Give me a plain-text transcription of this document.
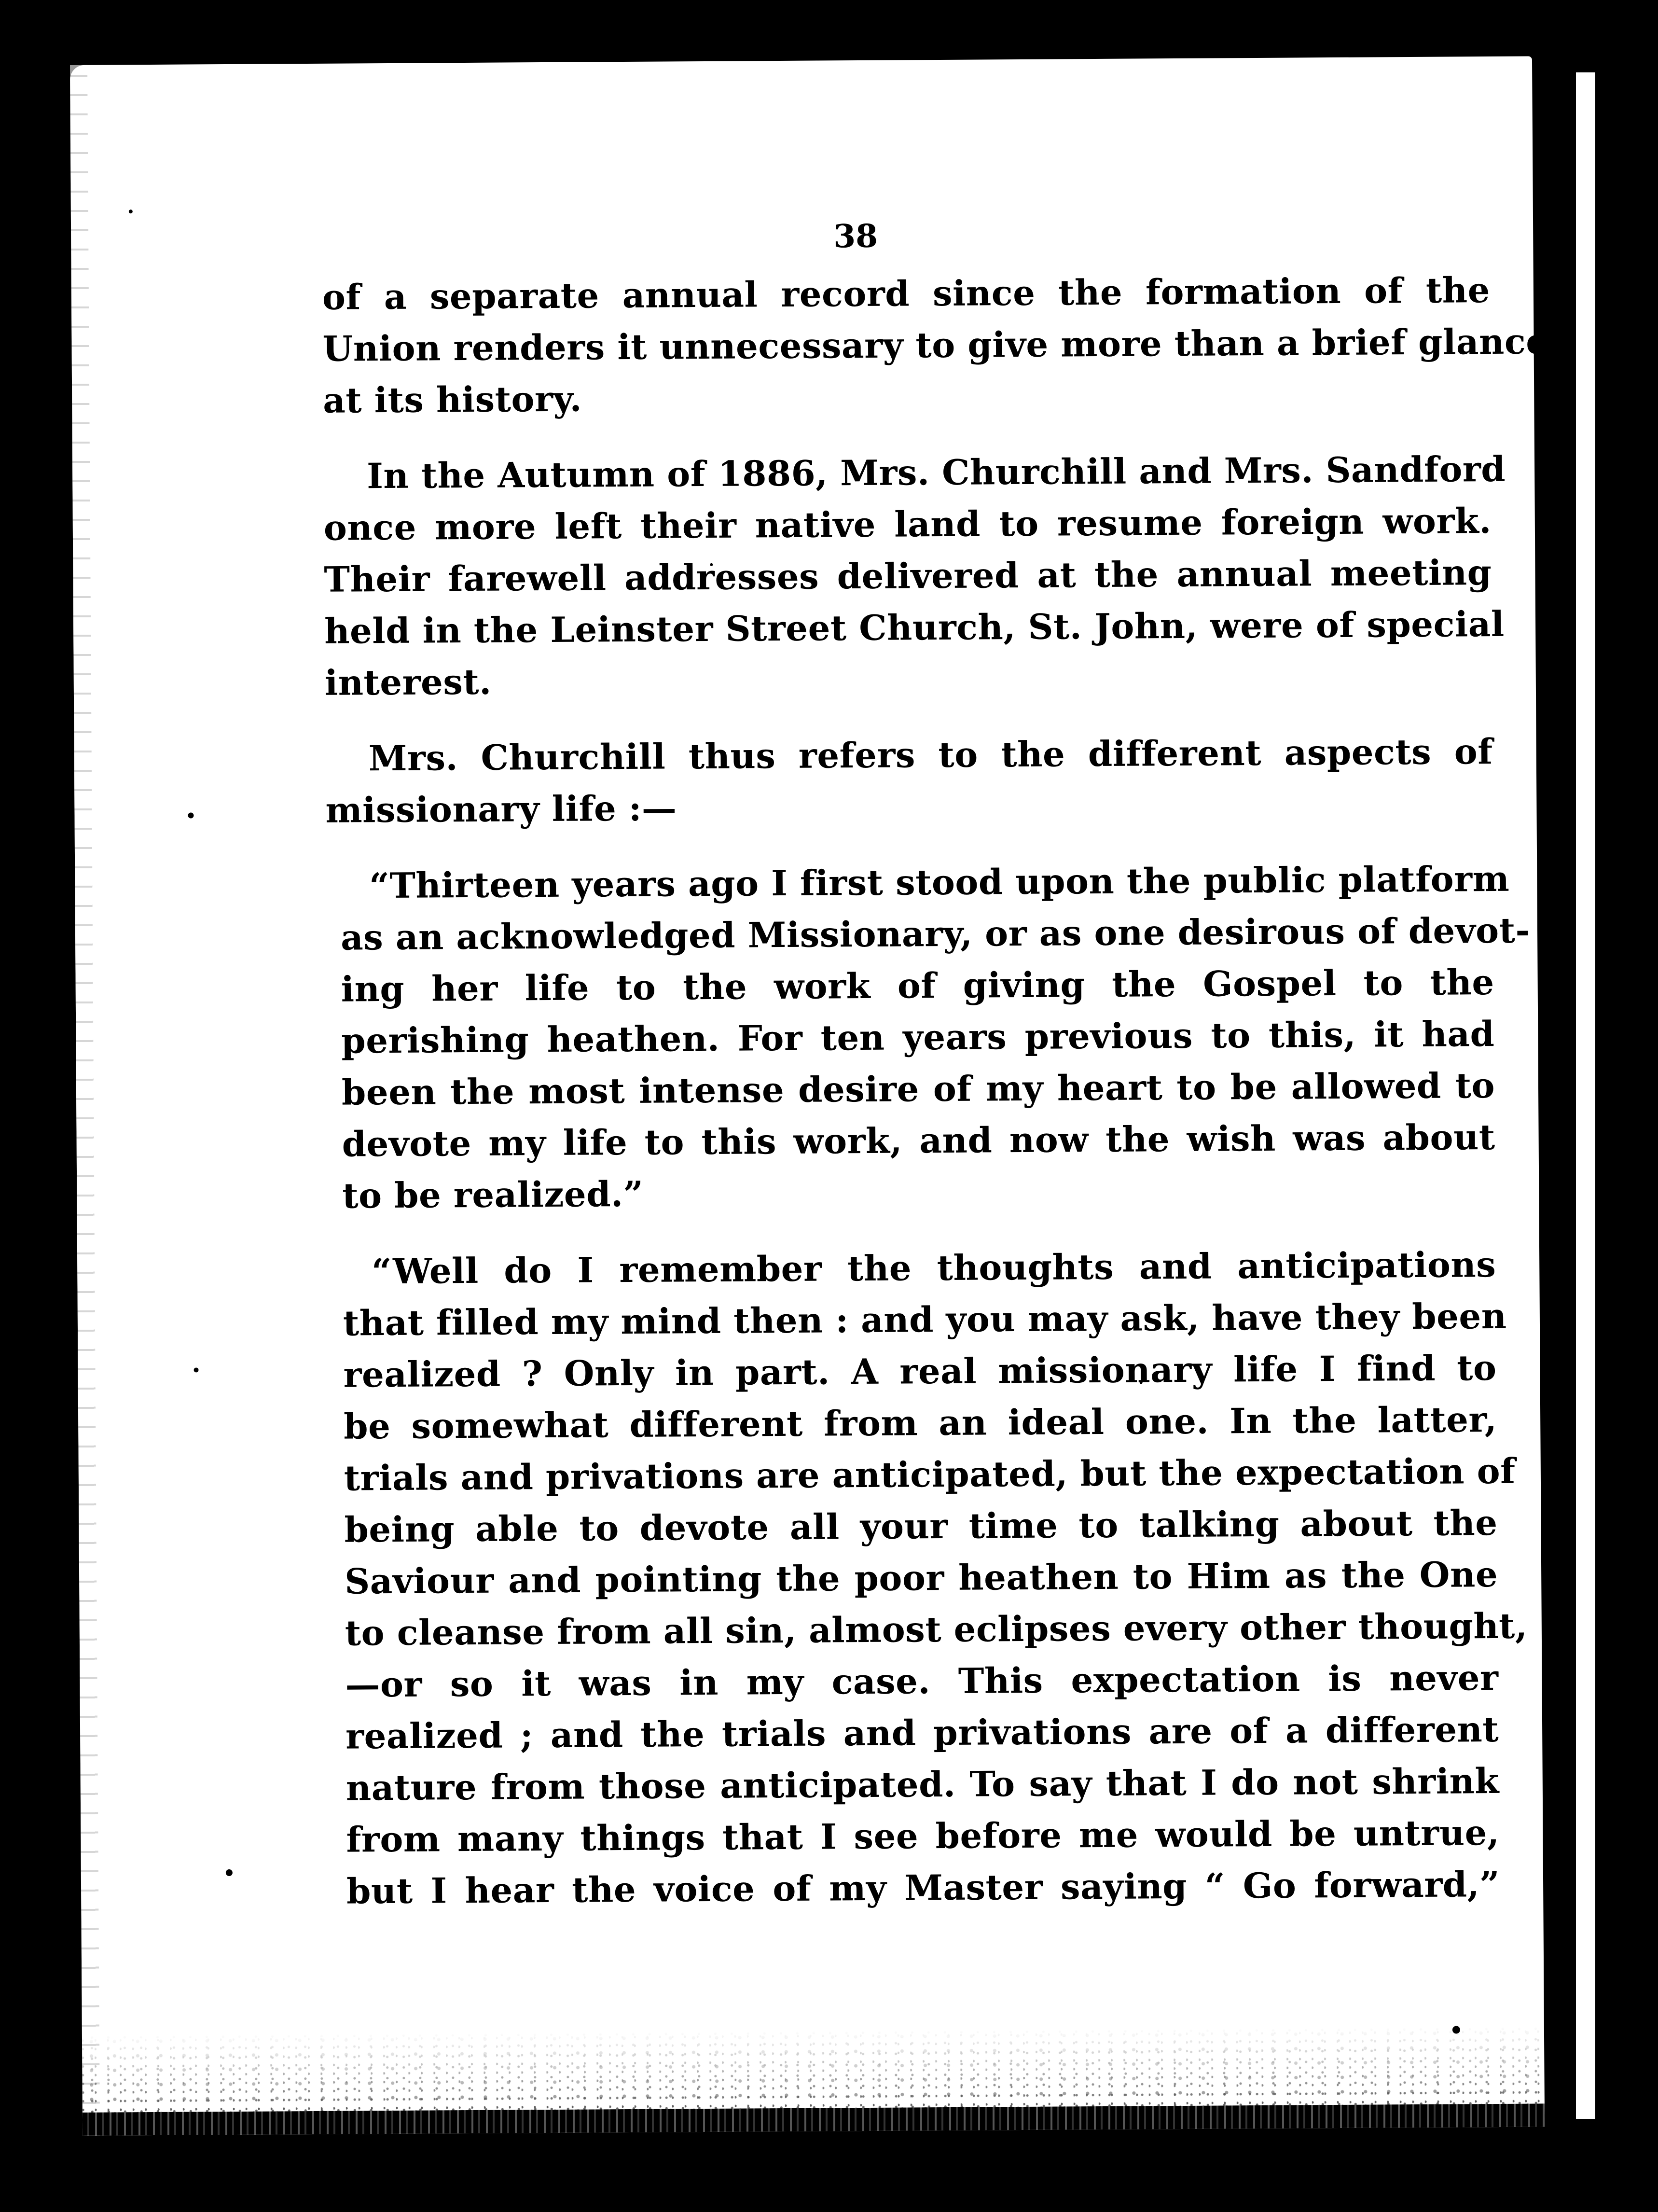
38

of a separate annual record since the formation of the
Union renders it unnecessary to give more than a brief glance
at its history.

In the Autumn of 1886, Mrs. Churchill and Mrs. Sandford
once more left their native land to resume foreign work.
Their farewell addresses delivered at the annual meeting
held in the Leinster Street Church, St. John, were of special
interest.

Mrs. Churchill thus refers to the different aspects of
missionary life :—

“Thirteen years ago I first stood upon the public platform
as an acknowledged Missionary, or as one desirous of devot-
ing her life to the work of giving the Gospel to the
perishing heathen. For ten years previous to this, it had
been the most intense desire of my heart to be allowed to
devote my life to this work, and now the wish was about
to be realized.”

“Well do I remember the thoughts and anticipations
that filled my mind then : and you may ask, have they been
realized ? Only in part. A real missionary life I find to
be somewhat different from an ideal one. In the latter,
trials and privations are anticipated, but the expectation of
being able to devote all your time to talking about the
Saviour and pointing the poor heathen to Him as the One
to cleanse from all sin, almost eclipses every other thought,
—or so it was in my case. This expectation is never
realized ; and the trials and privations are of a different
nature from those anticipated. To say that I do not shrink
from many things that I see before me would be untrue,
but I hear the voice of my Master saying “ Go forward,”
